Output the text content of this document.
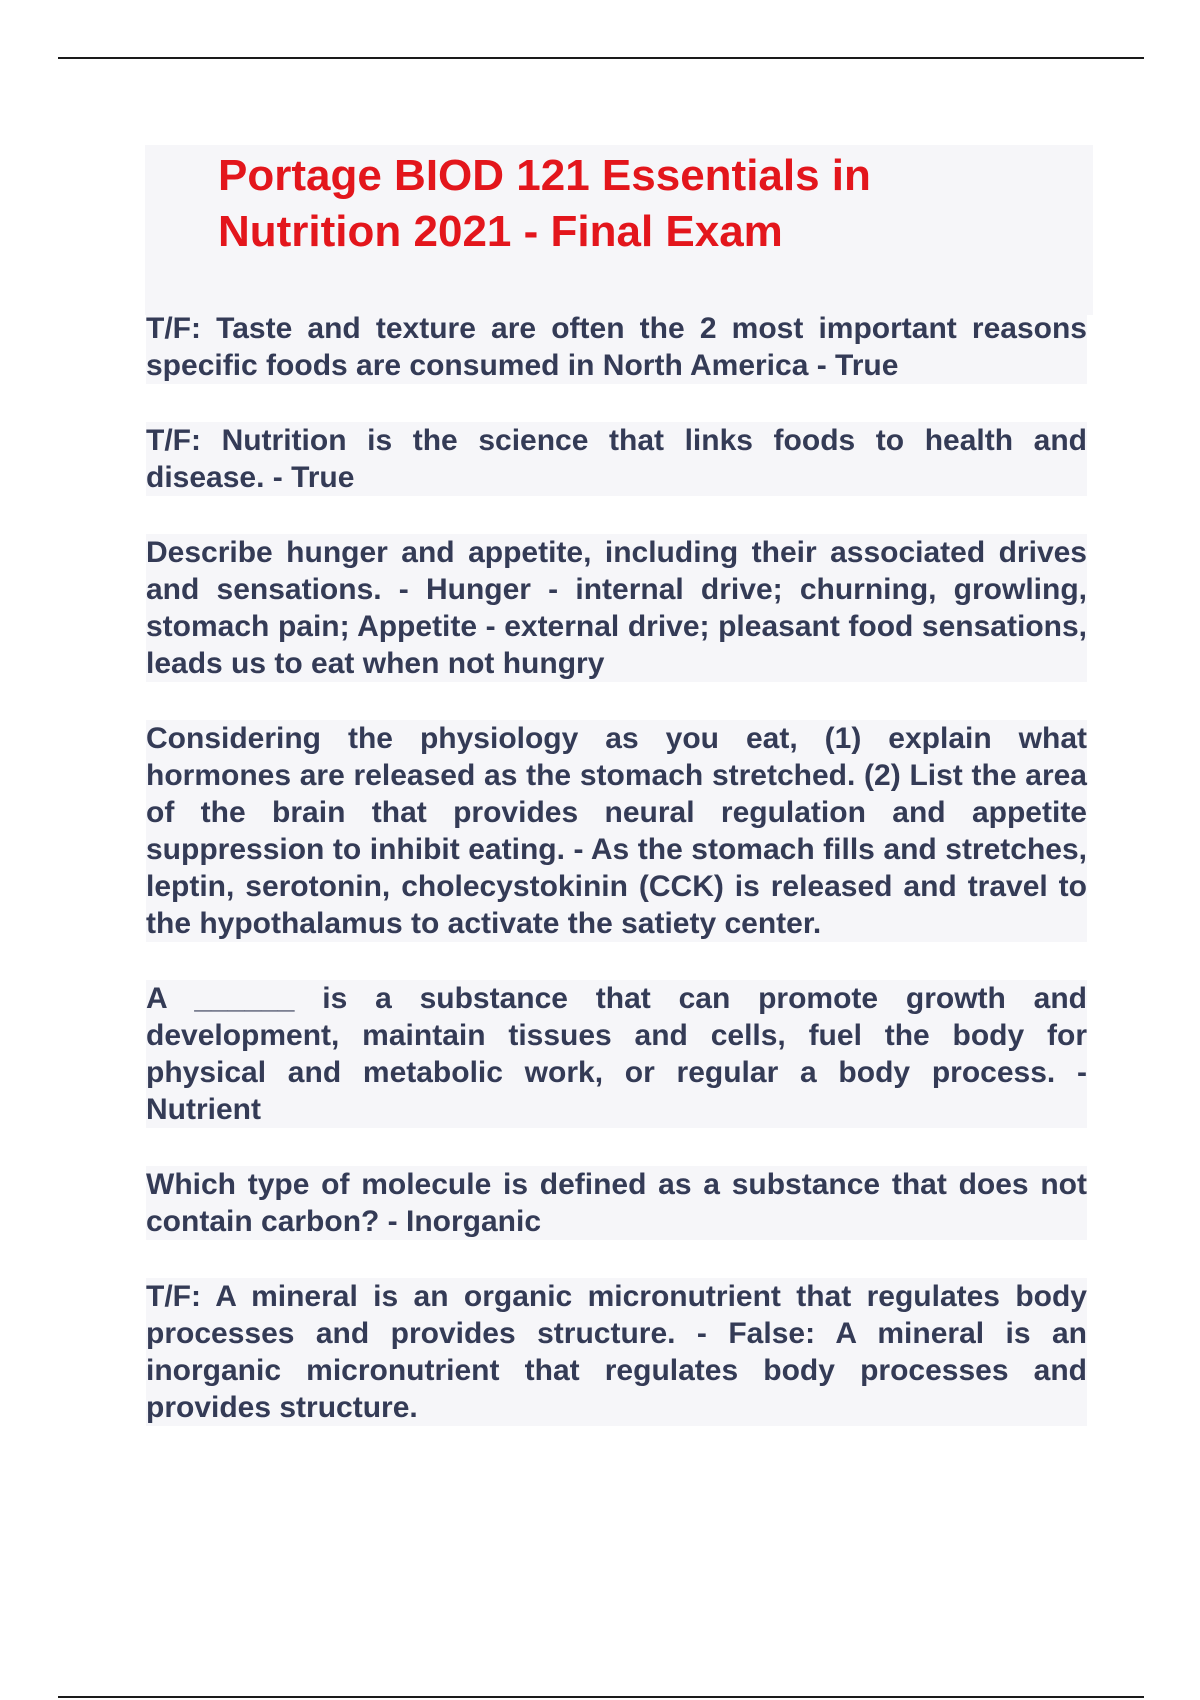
Portage BIOD 121 Essentials in Nutrition 2021 - Final Exam

T/F: Taste and texture are often the 2 most important reasons specific foods are consumed in North America - True

T/F: Nutrition is the science that links foods to health and disease. - True

Describe hunger and appetite, including their associated drives and sensations. - Hunger - internal drive; churning, growling, stomach pain; Appetite - external drive; pleasant food sensations, leads us to eat when not hungry

Considering the physiology as you eat, (1) explain what hormones are released as the stomach stretched. (2) List the area of the brain that provides neural regulation and appetite suppression to inhibit eating. - As the stomach fills and stretches, leptin, serotonin, cholecystokinin (CCK) is released and travel to the hypothalamus to activate the satiety center.

A ______ is a substance that can promote growth and development, maintain tissues and cells, fuel the body for physical and metabolic work, or regular a body process. - Nutrient

Which type of molecule is defined as a substance that does not contain carbon? - Inorganic

T/F: A mineral is an organic micronutrient that regulates body processes and provides structure. - False: A mineral is an inorganic micronutrient that regulates body processes and provides structure.
